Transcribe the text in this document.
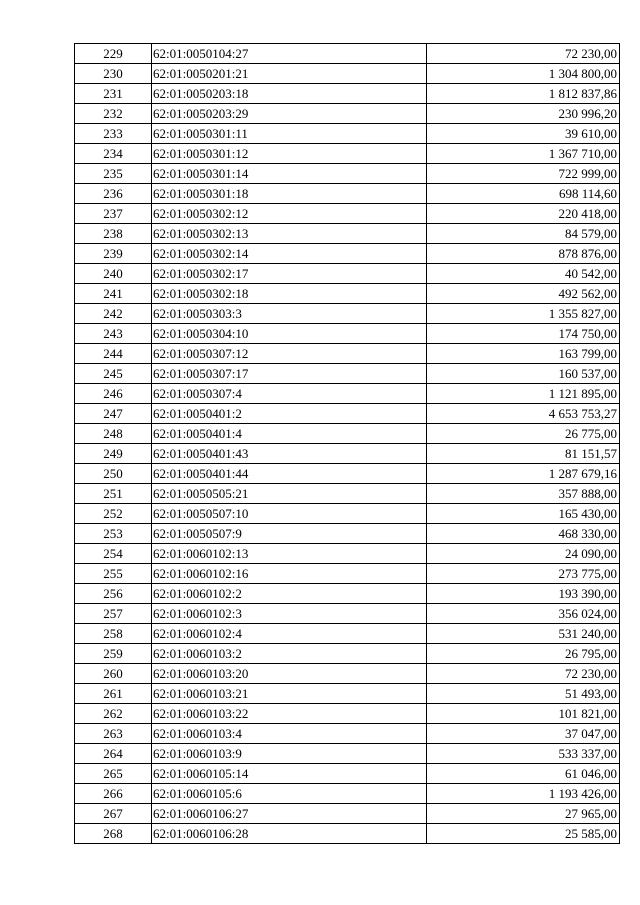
229	62:01:0050104:27	72 230,00
230	62:01:0050201:21	1 304 800,00
231	62:01:0050203:18	1 812 837,86
232	62:01:0050203:29	230 996,20
233	62:01:0050301:11	39 610,00
234	62:01:0050301:12	1 367 710,00
235	62:01:0050301:14	722 999,00
236	62:01:0050301:18	698 114,60
237	62:01:0050302:12	220 418,00
238	62:01:0050302:13	84 579,00
239	62:01:0050302:14	878 876,00
240	62:01:0050302:17	40 542,00
241	62:01:0050302:18	492 562,00
242	62:01:0050303:3	1 355 827,00
243	62:01:0050304:10	174 750,00
244	62:01:0050307:12	163 799,00
245	62:01:0050307:17	160 537,00
246	62:01:0050307:4	1 121 895,00
247	62:01:0050401:2	4 653 753,27
248	62:01:0050401:4	26 775,00
249	62:01:0050401:43	81 151,57
250	62:01:0050401:44	1 287 679,16
251	62:01:0050505:21	357 888,00
252	62:01:0050507:10	165 430,00
253	62:01:0050507:9	468 330,00
254	62:01:0060102:13	24 090,00
255	62:01:0060102:16	273 775,00
256	62:01:0060102:2	193 390,00
257	62:01:0060102:3	356 024,00
258	62:01:0060102:4	531 240,00
259	62:01:0060103:2	26 795,00
260	62:01:0060103:20	72 230,00
261	62:01:0060103:21	51 493,00
262	62:01:0060103:22	101 821,00
263	62:01:0060103:4	37 047,00
264	62:01:0060103:9	533 337,00
265	62:01:0060105:14	61 046,00
266	62:01:0060105:6	1 193 426,00
267	62:01:0060106:27	27 965,00
268	62:01:0060106:28	25 585,00
